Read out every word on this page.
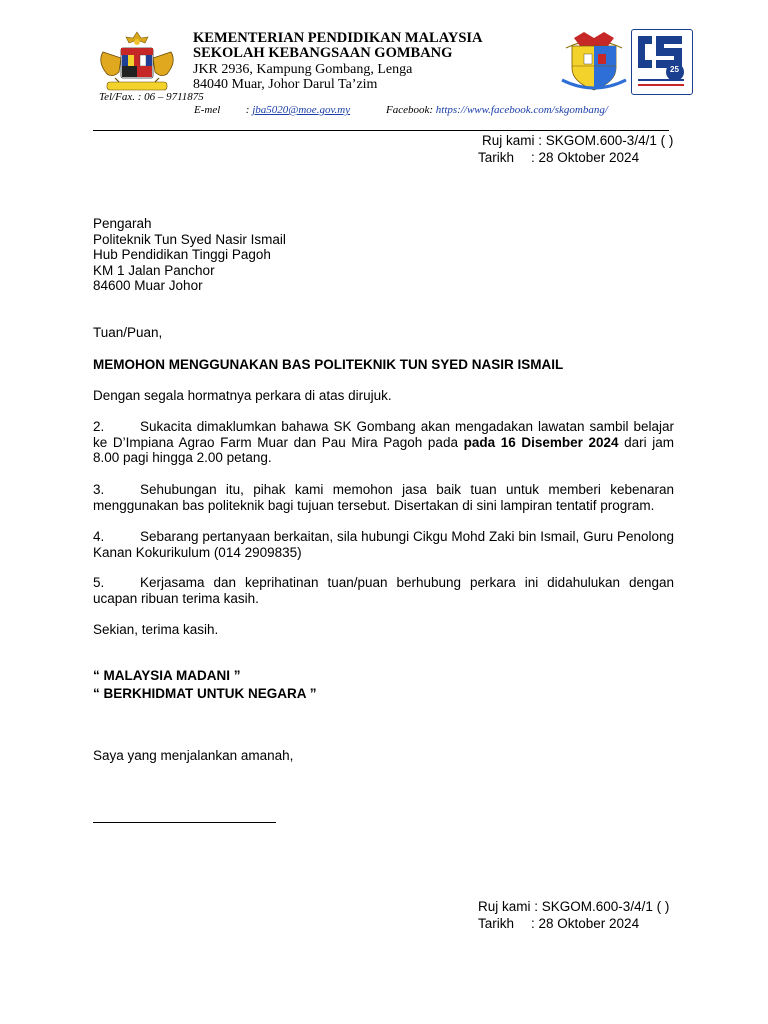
KEMENTERIAN PENDIDIKAN MALAYSIA
SEKOLAH KEBANGSAAN GOMBANG
JKR 2936, Kampung Gombang, Lenga
84040 Muar, Johor Darul Ta’zim
Tel/Fax. : 06 – 9711875
E-mel : jba5020@moe.gov.my	Facebook: https://www.facebook.com/skgombang/
25
Ruj kami : SKGOM.600-3/4/1 ( )
Tarikh : 28 Oktober 2024
Pengarah
Politeknik Tun Syed Nasir Ismail
Hub Pendidikan Tinggi Pagoh
KM 1 Jalan Panchor
84600 Muar Johor
Tuan/Puan,
MEMOHON MENGGUNAKAN BAS POLITEKNIK TUN SYED NASIR ISMAIL
Dengan segala hormatnya perkara di atas dirujuk.
2.	Sukacita dimaklumkan bahawa SK Gombang akan mengadakan lawatan sambil belajar ke D’Impiana Agrao Farm Muar dan Pau Mira Pagoh pada pada 16 Disember 2024 dari jam 8.00 pagi hingga 2.00 petang.
3.	Sehubungan itu, pihak kami memohon jasa baik tuan untuk memberi kebenaran menggunakan bas politeknik bagi tujuan tersebut. Disertakan di sini lampiran tentatif program.
4.	Sebarang pertanyaan berkaitan, sila hubungi Cikgu Mohd Zaki bin Ismail, Guru Penolong Kanan Kokurikulum (014 2909835)
5.	Kerjasama dan keprihatinan tuan/puan berhubung perkara ini didahulukan dengan ucapan ribuan terima kasih.
Sekian, terima kasih.
“ MALAYSIA MADANI ”
“ BERKHIDMAT UNTUK NEGARA ”
Saya yang menjalankan amanah,
Ruj kami : SKGOM.600-3/4/1 ( )
Tarikh : 28 Oktober 2024
